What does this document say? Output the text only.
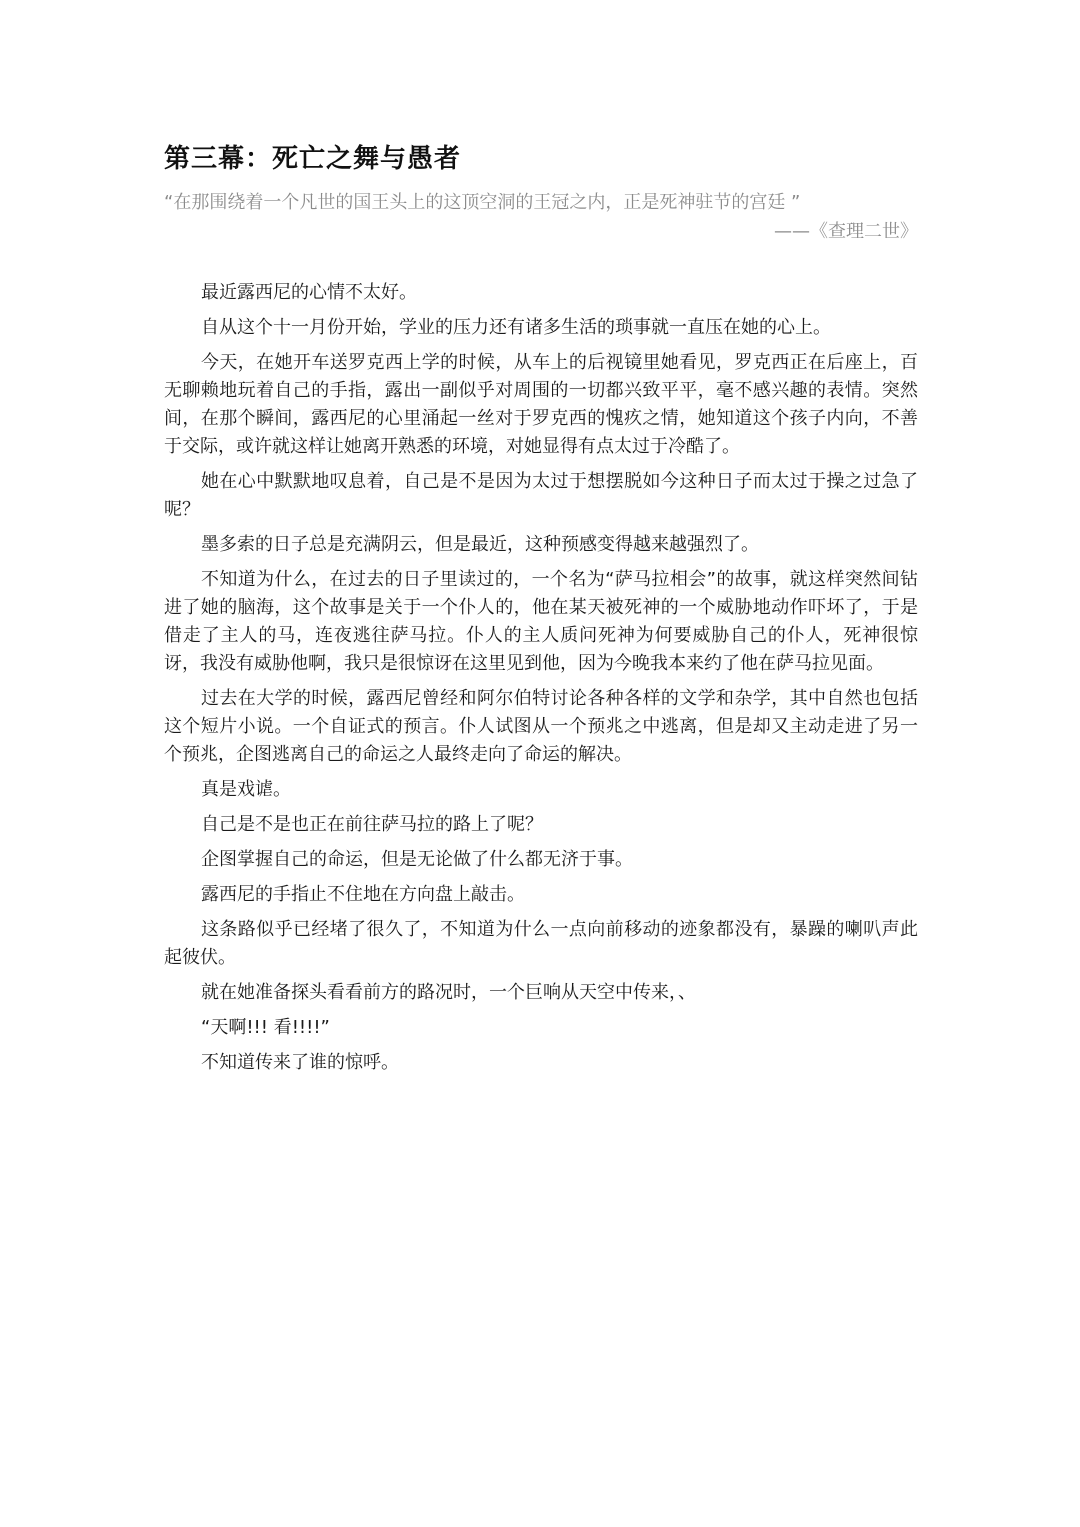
第三幕：死亡之舞与愚者

“在那围绕着一个凡世的国王头上的这顶空洞的王冠之内，正是死神驻节的宫廷 ”

——《查理二世》

最近露西尼的心情不太好。

自从这个十一月份开始，学业的压力还有诸多生活的琐事就一直压在她的心上。

今天，在她开车送罗克西上学的时候，从车上的后视镜里她看见，罗克西正在后座上，百无聊赖地玩着自己的手指，露出一副似乎对周围的一切都兴致平平，毫不感兴趣的表情。突然间，在那个瞬间，露西尼的心里涌起一丝对于罗克西的愧疚之情，她知道这个孩子内向，不善于交际，或许就这样让她离开熟悉的环境，对她显得有点太过于冷酷了。

她在心中默默地叹息着，自己是不是因为太过于想摆脱如今这种日子而太过于操之过急了呢？

墨多索的日子总是充满阴云，但是最近，这种预感变得越来越强烈了。

不知道为什么，在过去的日子里读过的，一个名为“萨马拉相会”的故事，就这样突然间钻进了她的脑海，这个故事是关于一个仆人的，他在某天被死神的一个威胁地动作吓坏了，于是借走了主人的马，连夜逃往萨马拉。仆人的主人质问死神为何要威胁自己的仆人，死神很惊讶，我没有威胁他啊，我只是很惊讶在这里见到他，因为今晚我本来约了他在萨马拉见面。

过去在大学的时候，露西尼曾经和阿尔伯特讨论各种各样的文学和杂学，其中自然也包括这个短片小说。一个自证式的预言。仆人试图从一个预兆之中逃离，但是却又主动走进了另一个预兆，企图逃离自己的命运之人最终走向了命运的解决。

真是戏谑。

自己是不是也正在前往萨马拉的路上了呢？

企图掌握自己的命运，但是无论做了什么都无济于事。

露西尼的手指止不住地在方向盘上敲击。

这条路似乎已经堵了很久了，不知道为什么一点向前移动的迹象都没有，暴躁的喇叭声此起彼伏。

就在她准备探头看看前方的路况时，一个巨响从天空中传来，、

“天啊!!! 看!!!!”

不知道传来了谁的惊呼。
